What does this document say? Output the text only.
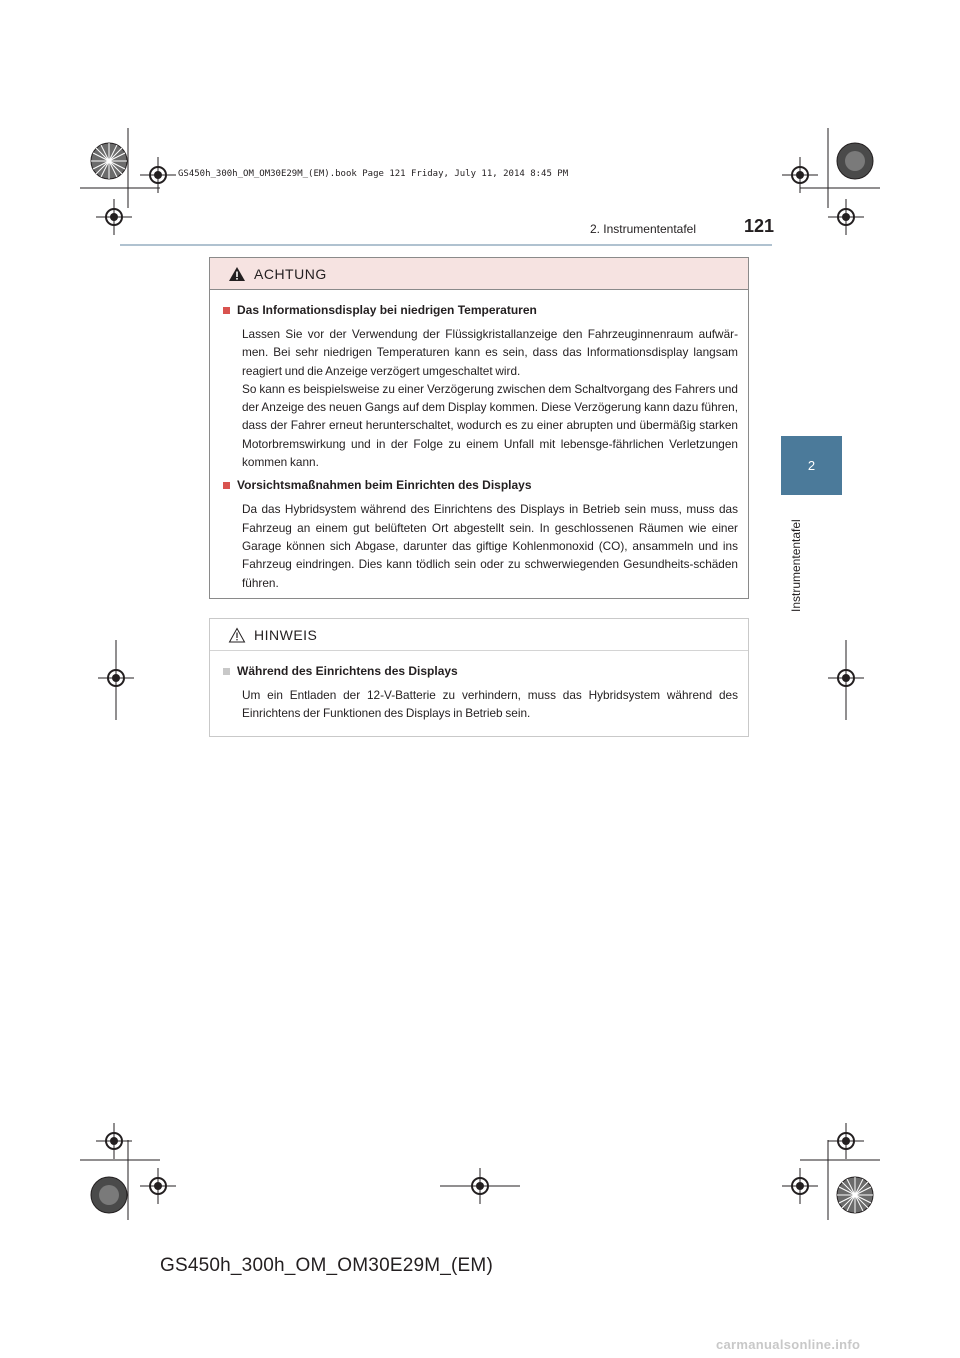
GS450h_300h_OM_OM30E29M_(EM).book Page 121 Friday, July 11, 2014 8:45 PM
2. Instrumententafel	121
2
Instrumententafel
ACHTUNG
Das Informationsdisplay bei niedrigen Temperaturen
Lassen Sie vor der Verwendung der Flüssigkristallanzeige den Fahrzeuginnenraum aufwär-men. Bei sehr niedrigen Temperaturen kann es sein, dass das Informationsdisplay langsam reagiert und die Anzeige verzögert umgeschaltet wird.
So kann es beispielsweise zu einer Verzögerung zwischen dem Schaltvorgang des Fahrers und der Anzeige des neuen Gangs auf dem Display kommen. Diese Verzögerung kann dazu führen, dass der Fahrer erneut herunterschaltet, wodurch es zu einer abrupten und übermäßig starken Motorbremswirkung und in der Folge zu einem Unfall mit lebensge-fährlichen Verletzungen kommen kann.
Vorsichtsmaßnahmen beim Einrichten des Displays
Da das Hybridsystem während des Einrichtens des Displays in Betrieb sein muss, muss das Fahrzeug an einem gut belüfteten Ort abgestellt sein. In geschlossenen Räumen wie einer Garage können sich Abgase, darunter das giftige Kohlenmonoxid (CO), ansammeln und ins Fahrzeug eindringen. Dies kann tödlich sein oder zu schwerwiegenden Gesundheits-schäden führen.
HINWEIS
Während des Einrichtens des Displays
Um ein Entladen der 12-V-Batterie zu verhindern, muss das Hybridsystem während des Einrichtens der Funktionen des Displays in Betrieb sein.
GS450h_300h_OM_OM30E29M_(EM)
carmanualsonline.info
